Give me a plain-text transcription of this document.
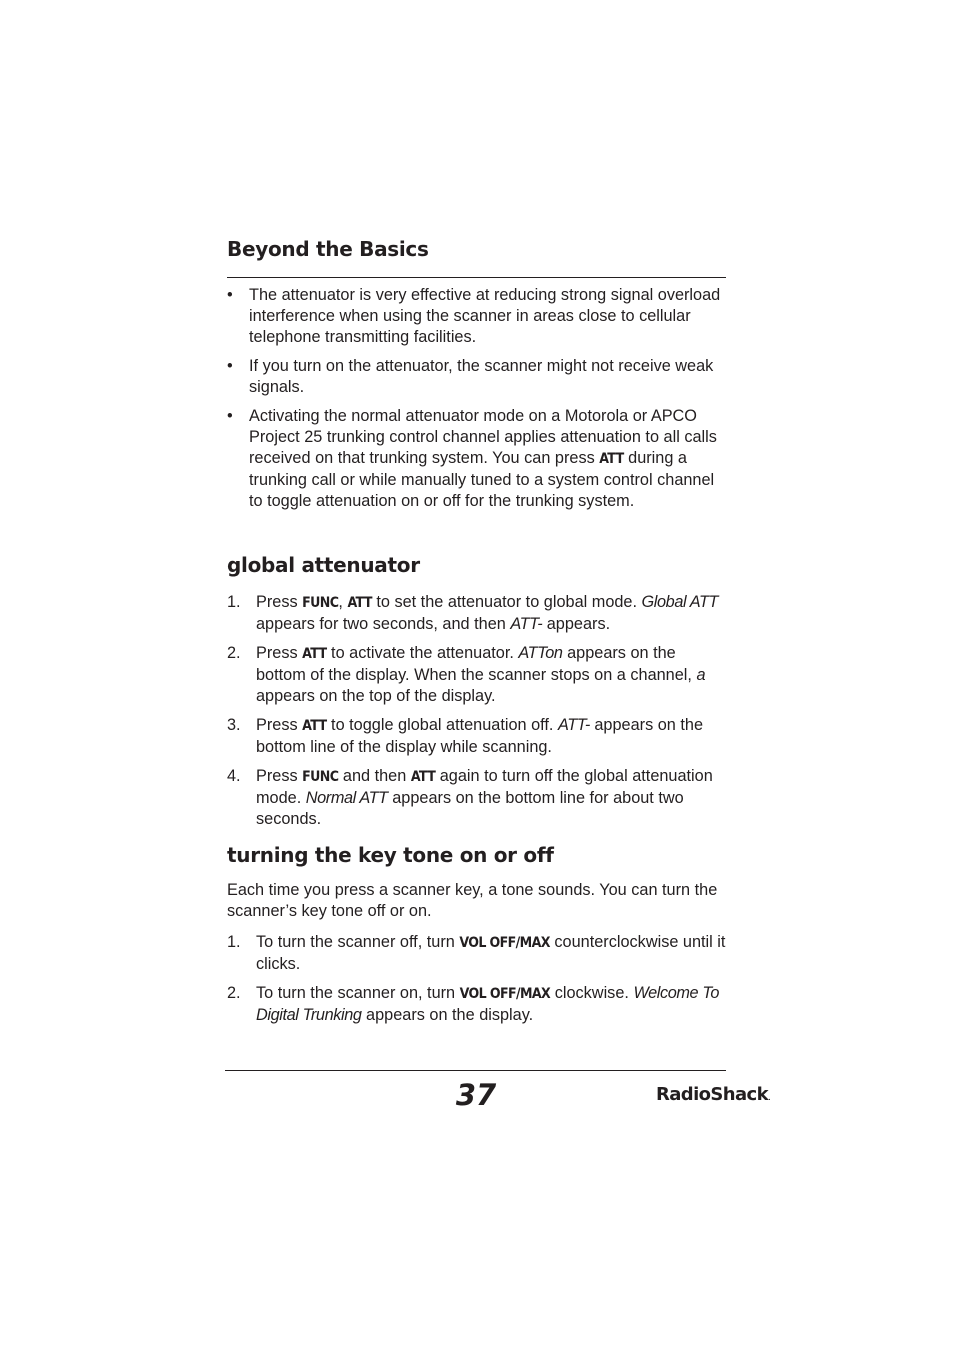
Beyond the Basics
• The attenuator is very effective at reducing strong signal overload interference when using the scanner in areas close to cellular telephone transmitting facilities.
• If you turn on the attenuator, the scanner might not receive weak signals.
• Activating the normal attenuator mode on a Motorola or APCO Project 25 trunking control channel applies attenuation to all calls received on that trunking system. You can press ATT during a trunking call or while manually tuned to a system control channel to toggle attenuation on or off for the trunking system.
global attenuator
1. Press FUNC, ATT to set the attenuator to global mode. Global ATT appears for two seconds, and then ATT- appears.
2. Press ATT to activate the attenuator. ATTon appears on the bottom of the display. When the scanner stops on a channel, a appears on the top of the display.
3. Press ATT to toggle global attenuation off. ATT- appears on the bottom line of the display while scanning.
4. Press FUNC and then ATT again to turn off the global attenuation mode. Normal ATT appears on the bottom line for about two seconds.
turning the key tone on or off

Each time you press a scanner key, a tone sounds. You can turn the scanner’s key tone off or on.

1. To turn the scanner off, turn VOL OFF/MAX counterclockwise until it clicks.
2. To turn the scanner on, turn VOL OFF/MAX clockwise. Welcome To Digital Trunking appears on the display.
37	RadioShack.
